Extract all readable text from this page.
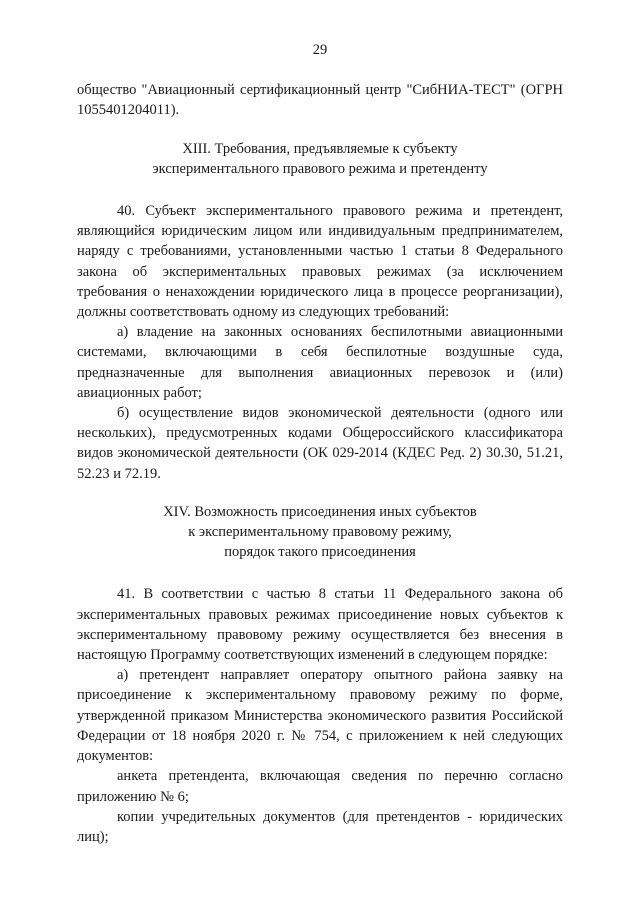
29

общество "Авиационный сертификационный центр "СибНИА-ТЕСТ" (ОГРН 1055401204011).

XIII. Требования, предъявляемые к субъекту
экспериментального правового режима и претенденту

40. Субъект экспериментального правового режима и претендент, являющийся юридическим лицом или индивидуальным предпринимателем, наряду с требованиями, установленными частью 1 статьи 8 Федерального закона об экспериментальных правовых режимах (за исключением требования о ненахождении юридического лица в процессе реорганизации), должны соответствовать одному из следующих требований:

а) владение на законных основаниях беспилотными авиационными системами, включающими в себя беспилотные воздушные суда, предназначенные для выполнения авиационных перевозок и (или) авиационных работ;

б) осуществление видов экономической деятельности (одного или нескольких), предусмотренных кодами Общероссийского классификатора видов экономической деятельности (ОК 029-2014 (КДЕС Ред. 2) 30.30, 51.21, 52.23 и 72.19.

XIV. Возможность присоединения иных субъектов
к экспериментальному правовому режиму,
порядок такого присоединения

41. В соответствии с частью 8 статьи 11 Федерального закона об экспериментальных правовых режимах присоединение новых субъектов к экспериментальному правовому режиму осуществляется без внесения в настоящую Программу соответствующих изменений в следующем порядке:

а) претендент направляет оператору опытного района заявку на присоединение к экспериментальному правовому режиму по форме, утвержденной приказом Министерства экономического развития Российской Федерации от 18 ноября 2020 г. № 754, с приложением к ней следующих документов:

анкета претендента, включающая сведения по перечню согласно приложению № 6;

копии учредительных документов (для претендентов - юридических лиц);
